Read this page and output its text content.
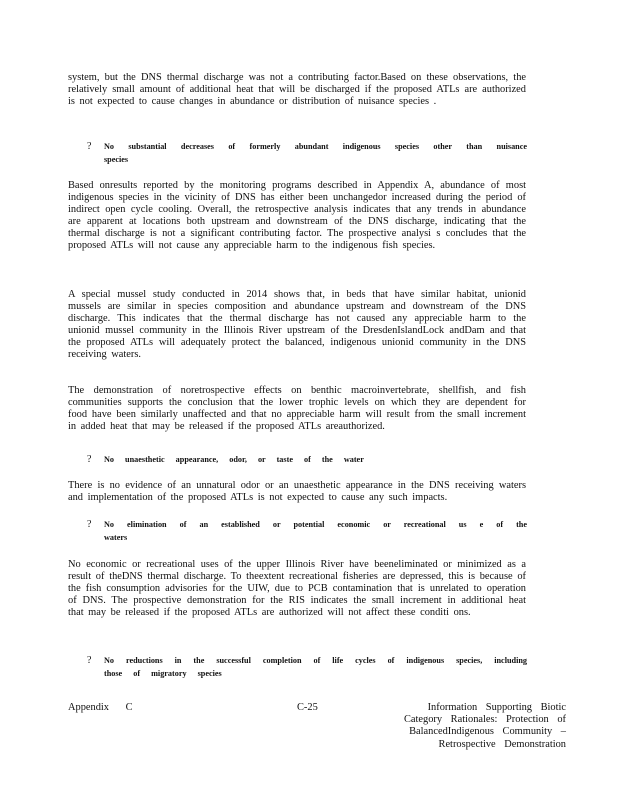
system, but the DNS thermal discharge was not a contributing factor.Based on these observations, the relatively small amount of additional heat that will be discharged if the proposed ATLs are authorized is not expected to cause changes in abundance or distribution of nuisance species .

? No substantial decreases of formerly abundant indigenous species other than nuisance species

Based onresults reported by the monitoring programs described in Appendix A, abundance of most indigenous species in the vicinity of DNS has either been unchangedor increased during the period of indirect open cycle cooling. Overall, the retrospective analysis indicates that any trends in abundance are apparent at locations both upstream and downstream of the DNS discharge, indicating that the thermal discharge is not a significant contributing factor. The prospective analysi s concludes that the proposed ATLs will not cause any appreciable harm to the indigenous fish species.

A special mussel study conducted in 2014 shows that, in beds that have similar habitat, unionid mussels are similar in species composition and abundance upstream and downstream of the DNS discharge. This indicates that the thermal discharge has not caused any appreciable harm to the unionid mussel community in the Illinois River upstream of the DresdenIslandLock andDam and that the proposed ATLs will adequately protect the balanced, indigenous unionid community in the DNS receiving waters.

The demonstration of noretrospective effects on benthic macroinvertebrate, shellfish, and fish communities supports the conclusion that the lower trophic levels on which they are dependent for food have been similarly unaffected and that no appreciable harm will result from the small increment in added heat that may be released if the proposed ATLs areauthorized.

? No unaesthetic appearance, odor, or taste of the water

There is no evidence of an unnatural odor or an unaesthetic appearance in the DNS receiving waters and implementation of the proposed ATLs is not expected to cause any such impacts.

? No elimination of an established or potential economic or recreational us e of the waters

No economic or recreational uses of the upper Illinois River have beeneliminated or minimized as a result of theDNS thermal discharge. To theextent recreational fisheries are depressed, this is because of the fish consumption advisories for the UIW, due to PCB contamination that is unrelated to operation of DNS. The prospective demonstration for the RIS indicates the small increment in additional heat that may be released if the proposed ATLs are authorized will not affect these conditi ons.

? No reductions in the successful completion of life cycles of indigenous species, including those of migratory species
Appendix C	C-25	Information Supporting Biotic Category Rationales: Protection of BalancedIndigenous Community –Retrospective Demonstration
